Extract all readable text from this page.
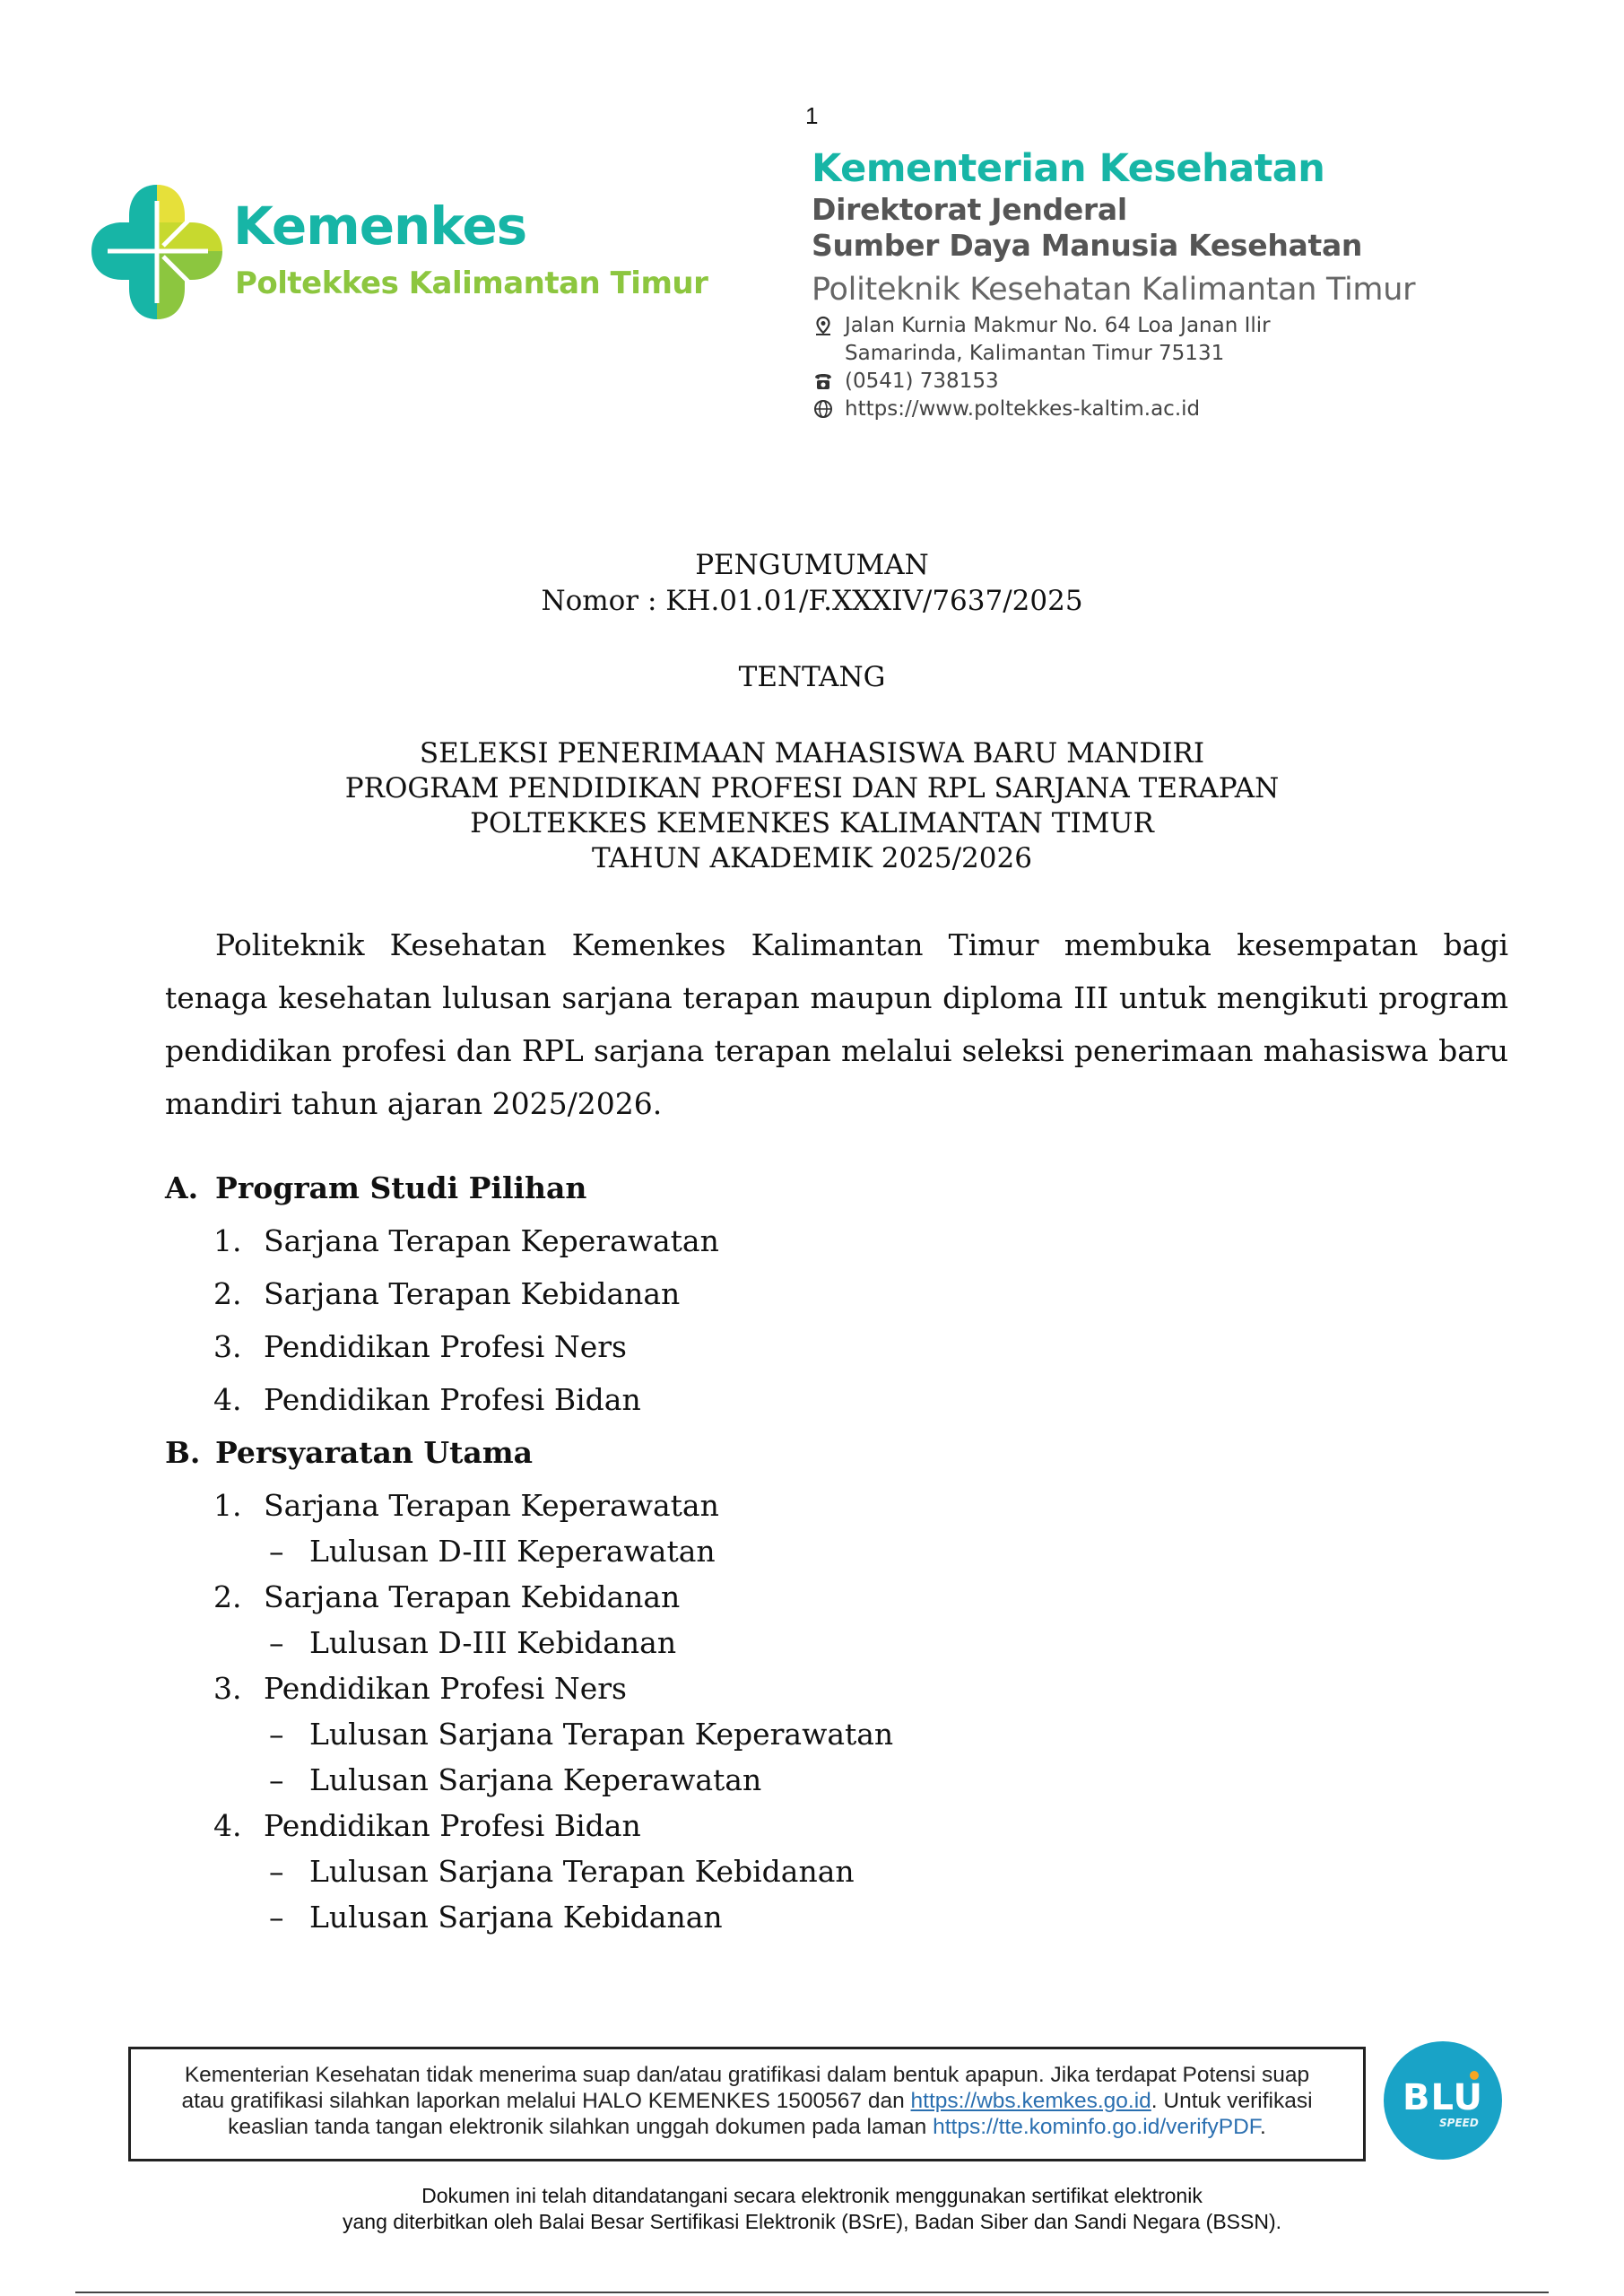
1
Kemenkes
Poltekkes Kalimantan Timur
Kementerian Kesehatan
Direktorat Jenderal
Sumber Daya Manusia Kesehatan
Politeknik Kesehatan Kalimantan Timur
Jalan Kurnia Makmur No. 64 Loa Janan Ilir
Samarinda, Kalimantan Timur 75131
(0541) 738153
https://www.poltekkes-kaltim.ac.id
PENGUMUMAN
Nomor : KH.01.01/F.XXXIV/7637/2025
TENTANG
SELEKSI PENERIMAAN MAHASISWA BARU MANDIRI
PROGRAM PENDIDIKAN PROFESI DAN RPL SARJANA TERAPAN
POLTEKKES KEMENKES KALIMANTAN TIMUR
TAHUN AKADEMIK 2025/2026

Politeknik Kesehatan Kemenkes Kalimantan Timur membuka kesempatan bagi tenaga kesehatan lulusan sarjana terapan maupun diploma III untuk mengikuti program pendidikan profesi dan RPL sarjana terapan melalui seleksi penerimaan mahasiswa baru mandiri tahun ajaran 2025/2026.

A. Program Studi Pilihan
1. Sarjana Terapan Keperawatan
2. Sarjana Terapan Kebidanan
3. Pendidikan Profesi Ners
4. Pendidikan Profesi Bidan
B. Persyaratan Utama
1. Sarjana Terapan Keperawatan
– Lulusan D-III Keperawatan
2. Sarjana Terapan Kebidanan
– Lulusan D-III Kebidanan
3. Pendidikan Profesi Ners
– Lulusan Sarjana Terapan Keperawatan
– Lulusan Sarjana Keperawatan
4. Pendidikan Profesi Bidan
– Lulusan Sarjana Terapan Kebidanan
– Lulusan Sarjana Kebidanan
Kementerian Kesehatan tidak menerima suap dan/atau gratifikasi dalam bentuk apapun. Jika terdapat Potensi suap
atau gratifikasi silahkan laporkan melalui HALO KEMENKES 1500567 dan https://wbs.kemkes.go.id. Untuk verifikasi
keaslian tanda tangan elektronik silahkan unggah dokumen pada laman https://tte.kominfo.go.id/verifyPDF.
BLU
SPEED
Dokumen ini telah ditandatangani secara elektronik menggunakan sertifikat elektronik
yang diterbitkan oleh Balai Besar Sertifikasi Elektronik (BSrE), Badan Siber dan Sandi Negara (BSSN).
